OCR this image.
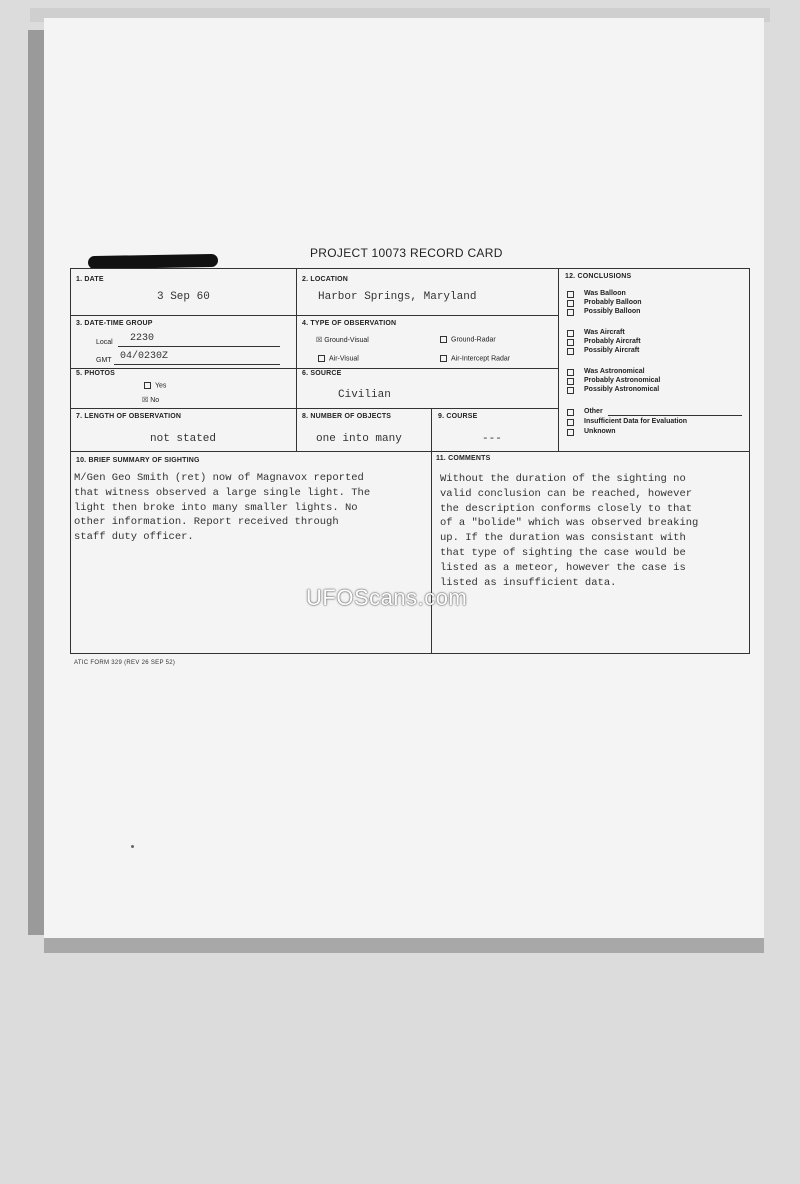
PROJECT 10073 RECORD CARD
1. DATE
3 Sep 60
2. LOCATION
Harbor Springs, Maryland
3. DATE-TIME GROUP
Local 2230
GMT 04/0230Z
4. TYPE OF OBSERVATION
☒ Ground-Visual	Ground-Radar
Air-Visual	Air-Intercept Radar
5. PHOTOS
Yes
☒ No
6. SOURCE
Civilian
7. LENGTH OF OBSERVATION
not stated
8. NUMBER OF OBJECTS
one into many
9. COURSE
---
10. BRIEF SUMMARY OF SIGHTING
M/Gen Geo Smith (ret) now of Magnavox reported
that witness observed a large single light. The
light then broke into many smaller lights. No
other information. Report received through
staff duty officer.
11. COMMENTS
Without the duration of the sighting no
valid conclusion can be reached, however
the description conforms closely to that
of a "bolide" which was observed breaking
up. If the duration was consistant with
that type of sighting the case would be
listed as a meteor, however the case is
listed as insufficient data.
12. CONCLUSIONS
Was Balloon
Probably Balloon
Possibly Balloon
Was Aircraft
Probably Aircraft
Possibly Aircraft
Was Astronomical
Probably Astronomical
Possibly Astronomical
Other
Insufficient Data for Evaluation
Unknown
ATIC FORM 329 (REV 26 SEP 52)
UFOScans.com
